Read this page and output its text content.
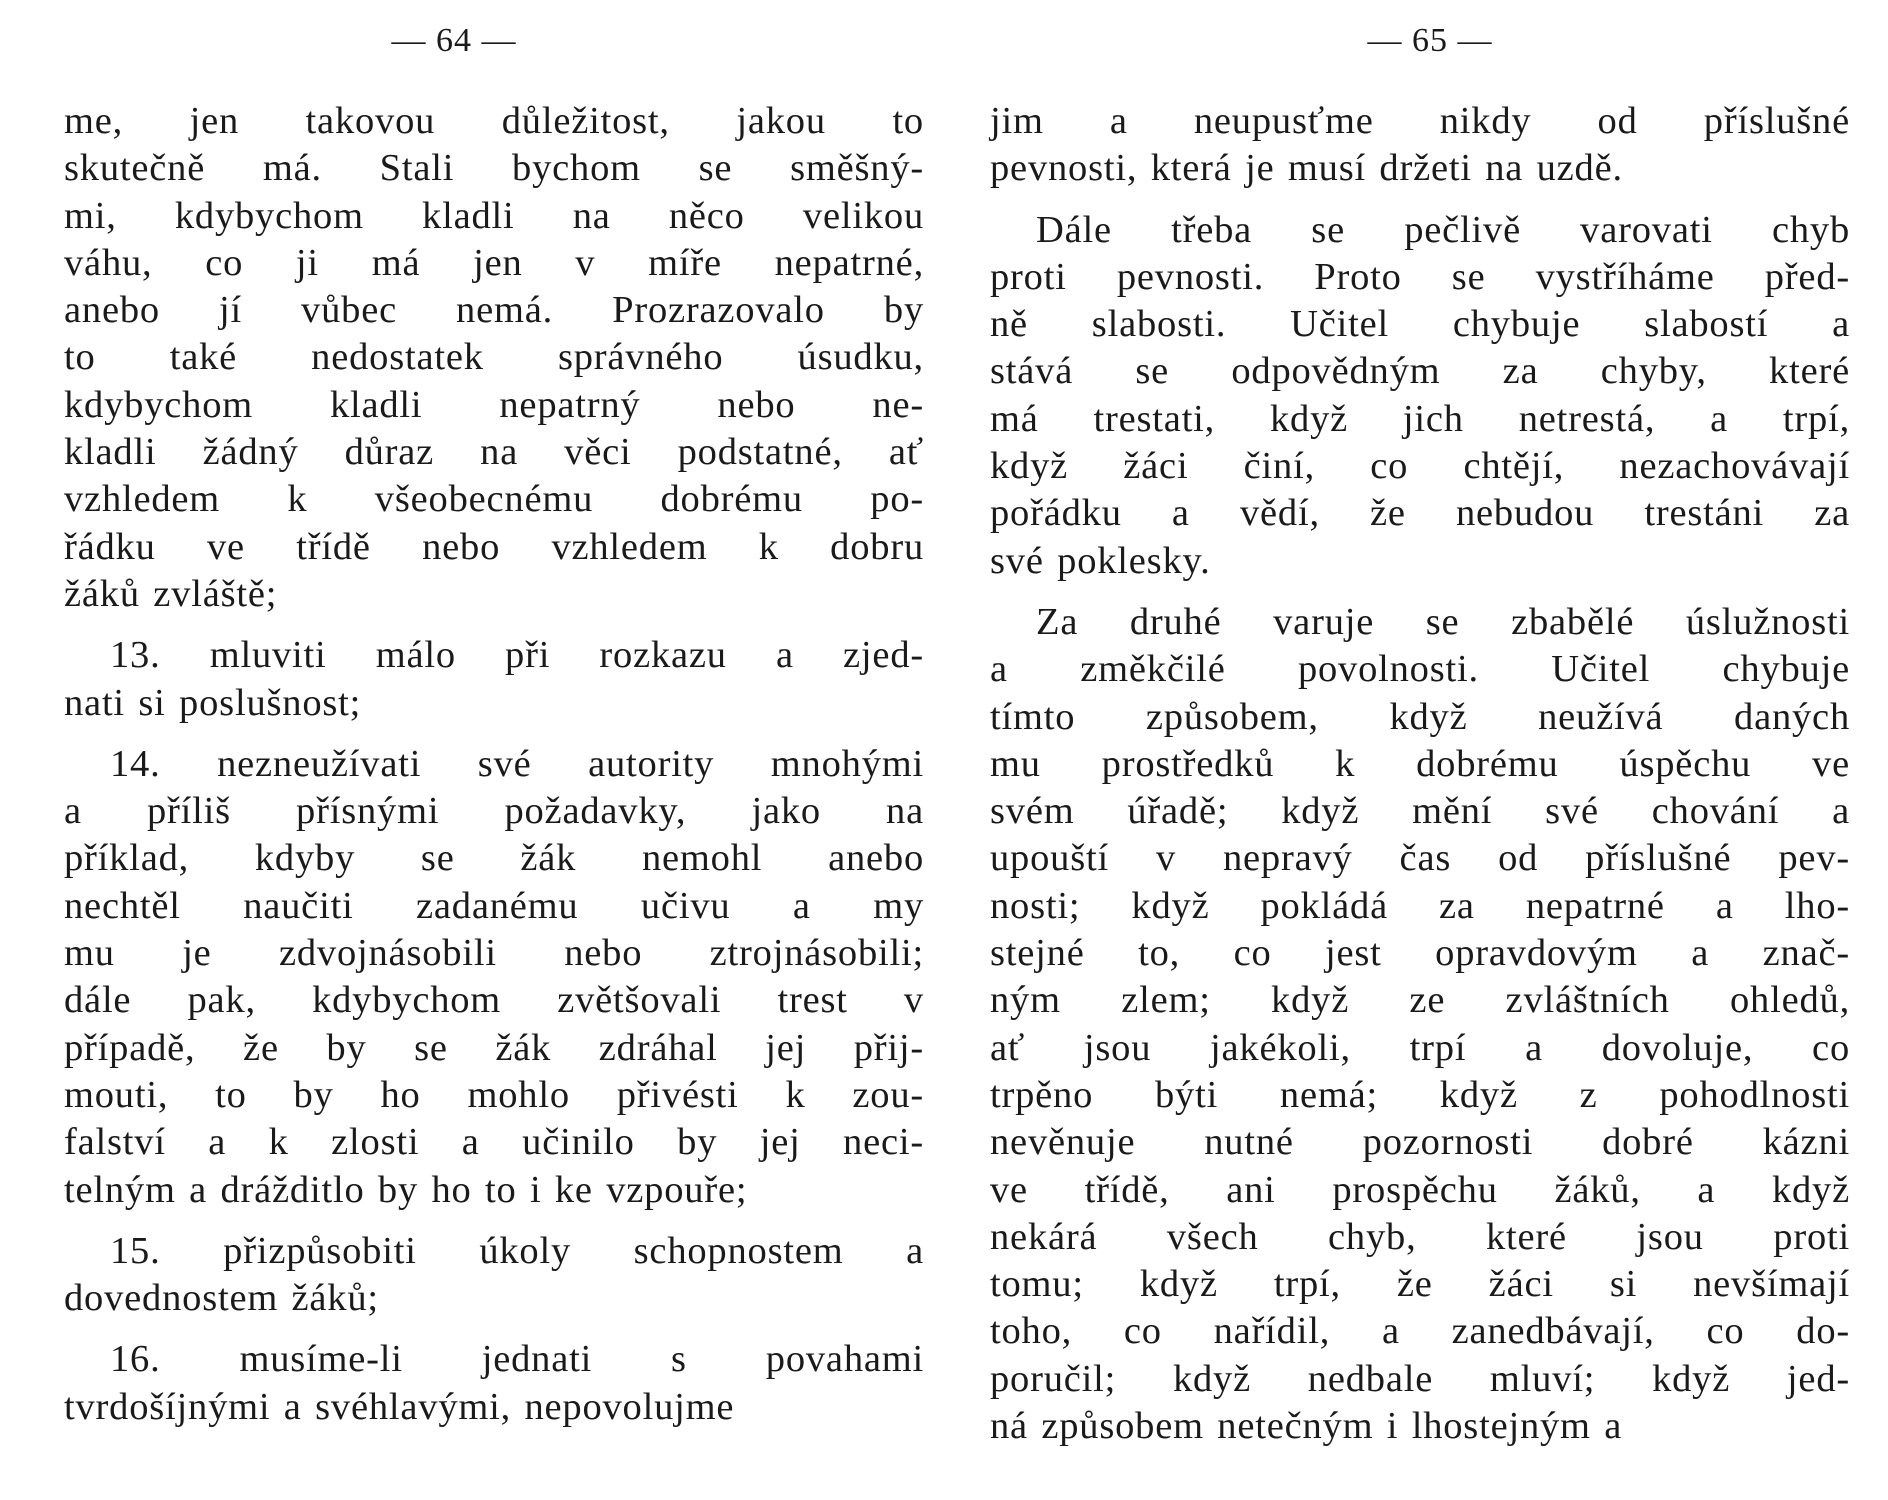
— 64 —
me, jen takovou důležitost, jakou to
skutečně má. Stali bychom se směšný-
mi, kdybychom kladli na něco velikou
váhu, co ji má jen v míře nepatrné,
anebo jí vůbec nemá. Prozrazovalo by
to také nedostatek správného úsudku,
kdybychom kladli nepatrný nebo ne-
kladli žádný důraz na věci podstatné, ať
vzhledem k všeobecnému dobrému po-
řádku ve třídě nebo vzhledem k dobru
žáků zvláště;
13. mluviti málo při rozkazu a zjed-
nati si poslušnost;
14. nezneužívati své autority mnohými
a příliš přísnými požadavky, jako na
příklad, kdyby se žák nemohl anebo
nechtěl naučiti zadanému učivu a my
mu je zdvojnásobili nebo ztrojnásobili;
dále pak, kdybychom zvětšovali trest v
případě, že by se žák zdráhal jej přij-
mouti, to by ho mohlo přivésti k zou-
falství a k zlosti a učinilo by jej neci-
telným a drážditlo by ho to i ke vzpouře;
15. přizpůsobiti úkoly schopnostem a
dovednostem žáků;
16. musíme-li jednati s povahami
tvrdošíjnými a svéhlavými, nepovolujme
— 65 —
jim a neupusťme nikdy od příslušné
pevnosti, která je musí držeti na uzdě.
Dále třeba se pečlivě varovati chyb
proti pevnosti. Proto se vystříháme před-
ně slabosti. Učitel chybuje slabostí a
stává se odpovědným za chyby, které
má trestati, když jich netrestá, a trpí,
když žáci činí, co chtějí, nezachovávají
pořádku a vědí, že nebudou trestáni za
své poklesky.
Za druhé varuje se zbabělé úslužnosti
a změkčilé povolnosti. Učitel chybuje
tímto způsobem, když neužívá daných
mu prostředků k dobrému úspěchu ve
svém úřadě; když mění své chování a
upouští v nepravý čas od příslušné pev-
nosti; když pokládá za nepatrné a lho-
stejné to, co jest opravdovým a znač-
ným zlem; když ze zvláštních ohledů,
ať jsou jakékoli, trpí a dovoluje, co
trpěno býti nemá; když z pohodlnosti
nevěnuje nutné pozornosti dobré kázni
ve třídě, ani prospěchu žáků, a když
nekárá všech chyb, které jsou proti
tomu; když trpí, že žáci si nevšímají
toho, co nařídil, a zanedbávají, co do-
poručil; když nedbale mluví; když jed-
ná způsobem netečným i lhostejným a
